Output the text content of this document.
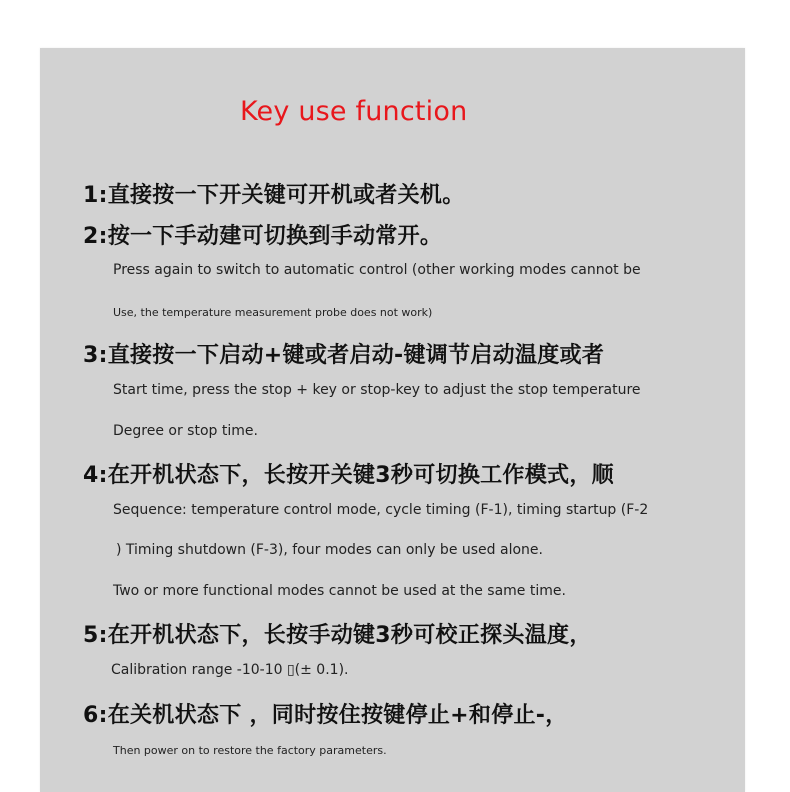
Key use function
1:直接按一下开关键可开机或者关机。
2:按一下手动建可切换到手动常开。
Press again to switch to automatic control (other working modes cannot be
Use, the temperature measurement probe does not work)
3:直接按一下启动+键或者启动-键调节启动温度或者
Start time, press the stop + key or stop-key to adjust the stop temperature
Degree or stop time.
4:在开机状态下，长按开关键3秒可切换工作模式，顺
Sequence: temperature control mode, cycle timing (F-1), timing startup (F-2
) Timing shutdown (F-3), four modes can only be used alone.
Two or more functional modes cannot be used at the same time.
5:在开机状态下，长按手动键3秒可校正探头温度，
Calibration range -10-10 ▯(± 0.1).
6:在关机状态下 ，同时按住按键停止+和停止-，
Then power on to restore the factory parameters.
